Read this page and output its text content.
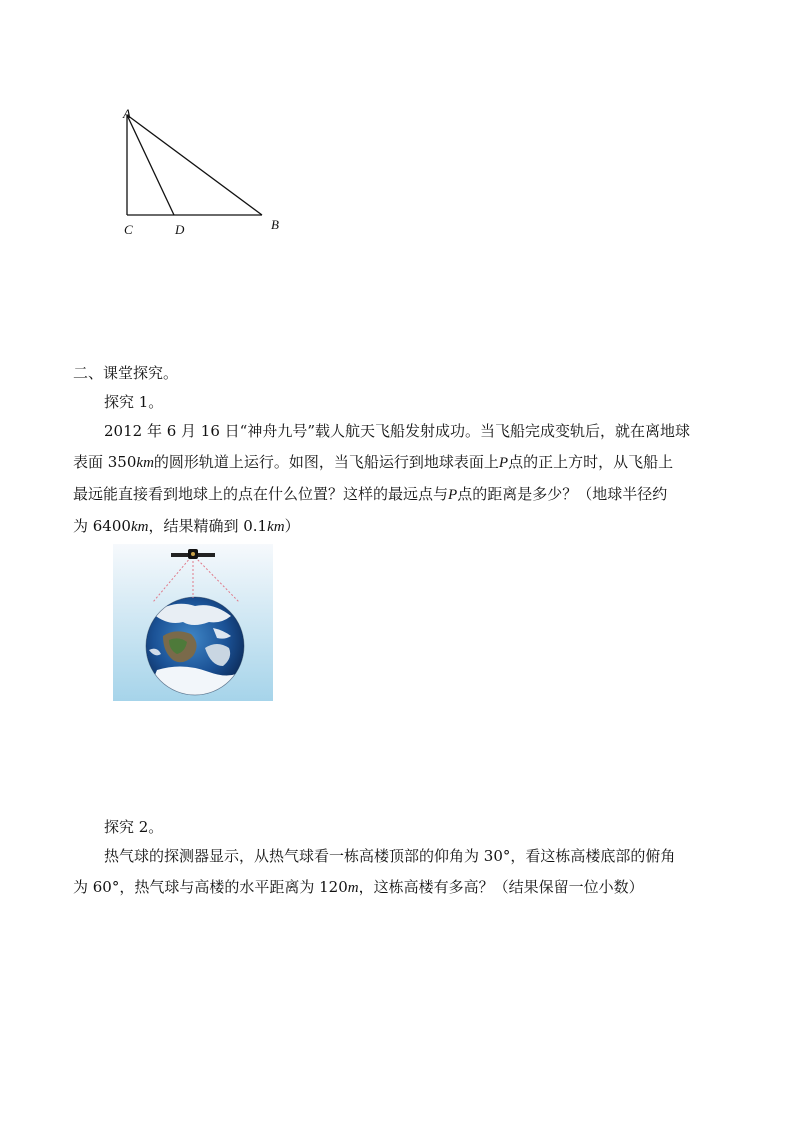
A
C	D	B
二、课堂探究。
探究 1。
2012 年 6 月 16 日“神舟九号”载人航天飞船发射成功。当飞船完成变轨后，就在离地球
表面 350km的圆形轨道上运行。如图，当飞船运行到地球表面上P点的正上方时，从飞船上
最远能直接看到地球上的点在什么位置？这样的最远点与P点的距离是多少？（地球半径约
为 6400km，结果精确到 0.1km）
探究 2。
热气球的探测器显示，从热气球看一栋高楼顶部的仰角为 30°，看这栋高楼底部的俯角
为 60°，热气球与高楼的水平距离为 120m，这栋高楼有多高？（结果保留一位小数）
